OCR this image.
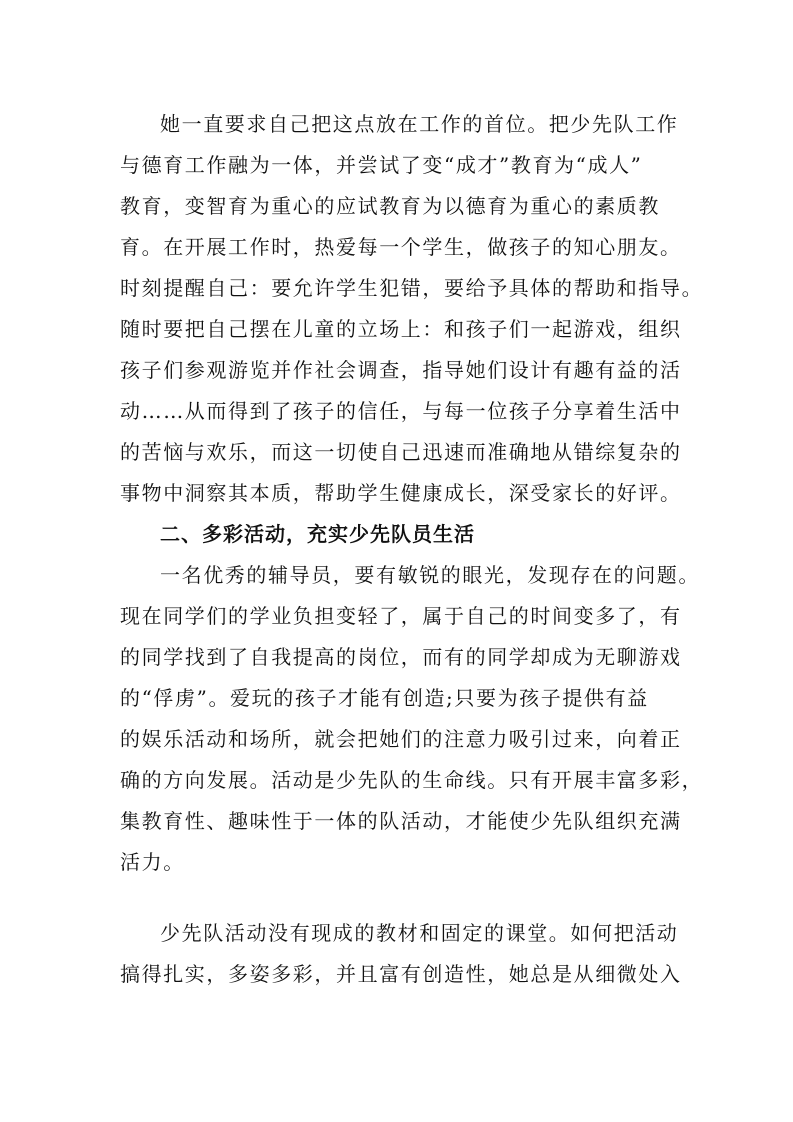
她一直要求自己把这点放在工作的首位。把少先队工作
与德育工作融为一体，并尝试了变“成才”教育为“成人”
教育，变智育为重心的应试教育为以德育为重心的素质教
育。在开展工作时，热爱每一个学生，做孩子的知心朋友。
时刻提醒自己：要允许学生犯错，要给予具体的帮助和指导。
随时要把自己摆在儿童的立场上：和孩子们一起游戏，组织
孩子们参观游览并作社会调查，指导她们设计有趣有益的活
动……从而得到了孩子的信任，与每一位孩子分享着生活中
的苦恼与欢乐，而这一切使自己迅速而准确地从错综复杂的
事物中洞察其本质，帮助学生健康成长，深受家长的好评。
二、多彩活动，充实少先队员生活
一名优秀的辅导员，要有敏锐的眼光，发现存在的问题。
现在同学们的学业负担变轻了，属于自己的时间变多了，有
的同学找到了自我提高的岗位，而有的同学却成为无聊游戏
的“俘虏”。爱玩的孩子才能有创造;只要为孩子提供有益
的娱乐活动和场所，就会把她们的注意力吸引过来，向着正
确的方向发展。活动是少先队的生命线。只有开展丰富多彩，
集教育性、趣味性于一体的队活动，才能使少先队组织充满
活力。
少先队活动没有现成的教材和固定的课堂。如何把活动
搞得扎实，多姿多彩，并且富有创造性，她总是从细微处入
